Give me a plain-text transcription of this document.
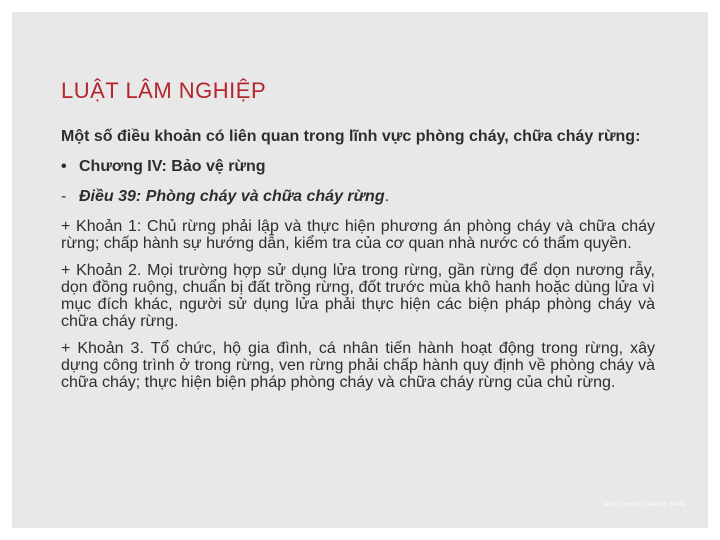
LUẬT LÂM NGHIỆP

Một số điều khoản có liên quan trong lĩnh vực phòng cháy, chữa cháy rừng:

• Chương IV: Bảo vệ rừng

- Điều 39: Phòng cháy và chữa cháy rừng.

+ Khoản 1: Chủ rừng phải lập và thực hiện phương án phòng cháy và chữa cháy rừng; chấp hành sự hướng dẫn, kiểm tra của cơ quan nhà nước có thẩm quyền.

+ Khoản 2. Mọi trường hợp sử dụng lửa trong rừng, gần rừng để dọn nương rẫy, dọn đồng ruộng, chuẩn bị đất trồng rừng, đốt trước mùa khô hanh hoặc dùng lửa vì mục đích khác, người sử dụng lửa phải thực hiện các biện pháp phòng cháy và chữa cháy rừng.

+ Khoản 3. Tổ chức, hộ gia đình, cá nhân tiến hành hoạt động trong rừng, xây dựng công trình ở trong rừng, ven rừng phải chấp hành quy định về phòng cháy và chữa cháy; thực hiện biện pháp phòng cháy và chữa cháy rừng của chủ rừng.

ADD PHOTO CREDIT HERE
